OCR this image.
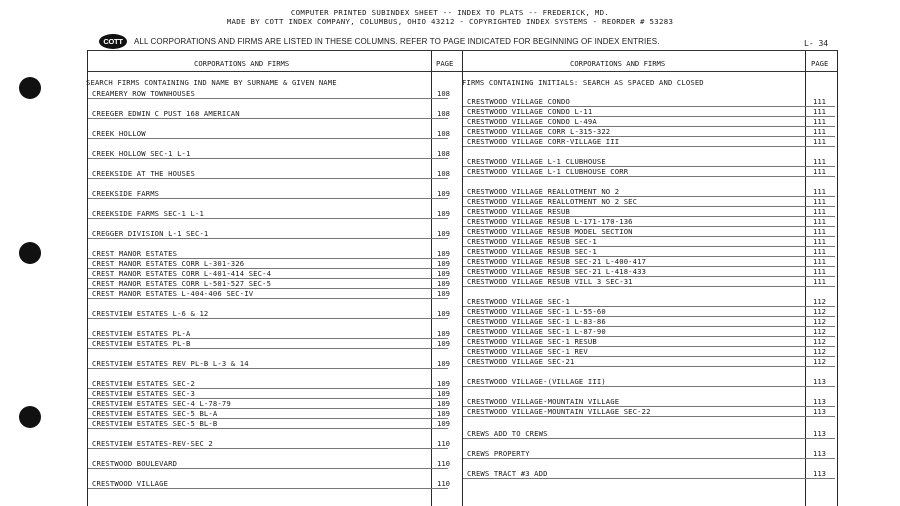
COMPUTER PRINTED SUBINDEX SHEET -- INDEX TO PLATS -- FREDERICK, MD.
MADE BY COTT INDEX COMPANY, COLUMBUS, OHIO 43212 - COPYRIGHTED INDEX SYSTEMS - REORDER # 53283
COTT	ALL CORPORATIONS AND FIRMS ARE LISTED IN THESE COLUMNS. REFER TO PAGE INDICATED FOR BEGINNING OF INDEX ENTRIES.	L- 34
CORPORATIONS AND FIRMS	PAGE	CORPORATIONS AND FIRMS	PAGE
SEARCH FIRMS CONTAINING IND NAME BY SURNAME & GIVEN NAME	FIRMS CONTAINING INITIALS: SEARCH AS SPACED AND CLOSED
CREAMERY ROW TOWNHOUSES	108
CREEGER EDWIN C PUST 168 AMERICAN	108
CREEK HOLLOW	108
CREEK HOLLOW SEC-1 L-1	108
CREEKSIDE AT THE HOUSES	108
CREEKSIDE FARMS	109
CREEKSIDE FARMS SEC-1 L-1	109
CREGGER DIVISION L-1 SEC-1	109
CREST MANOR ESTATES	109
CREST MANOR ESTATES CORR L-301-326	109
CREST MANOR ESTATES CORR L-401-414 SEC-4	109
CREST MANOR ESTATES CORR L-501-527 SEC-5	109
CREST MANOR ESTATES L-404-406 SEC-IV	109
CRESTVIEW ESTATES L-6 & 12	109
CRESTVIEW ESTATES PL-A	109
CRESTVIEW ESTATES PL-B	109
CRESTVIEW ESTATES REV PL-B L-3 & 14	109
CRESTVIEW ESTATES SEC-2	109
CRESTVIEW ESTATES SEC-3	109
CRESTVIEW ESTATES SEC-4 L-78-79	109
CRESTVIEW ESTATES SEC-5 BL-A	109
CRESTVIEW ESTATES SEC-5 BL-B	109
CRESTVIEW ESTATES-REV-SEC 2	110
CRESTWOOD BOULEVARD	110
CRESTWOOD VILLAGE	110
CRESTWOOD VILLAGE CONDO	111
CRESTWOOD VILLAGE CONDO L-11	111
CRESTWOOD VILLAGE CONDO L-49A	111
CRESTWOOD VILLAGE CORR L-315-322	111
CRESTWOOD VILLAGE CORR-VILLAGE III	111
CRESTWOOD VILLAGE L-1 CLUBHOUSE	111
CRESTWOOD VILLAGE L-1 CLUBHOUSE CORR	111
CRESTWOOD VILLAGE REALLOTMENT NO 2	111
CRESTWOOD VILLAGE REALLOTMENT NO 2 SEC	111
CRESTWOOD VILLAGE RESUB	111
CRESTWOOD VILLAGE RESUB L-171-170-136	111
CRESTWOOD VILLAGE RESUB MODEL SECTION	111
CRESTWOOD VILLAGE RESUB SEC-1	111
CRESTWOOD VILLAGE RESUB SEC-1	111
CRESTWOOD VILLAGE RESUB SEC-21 L-400-417	111
CRESTWOOD VILLAGE RESUB SEC-21 L-418-433	111
CRESTWOOD VILLAGE RESUB VILL 3 SEC-31	111
CRESTWOOD VILLAGE SEC-1	112
CRESTWOOD VILLAGE SEC-1 L-55-60	112
CRESTWOOD VILLAGE SEC-1 L-83-86	112
CRESTWOOD VILLAGE SEC-1 L-87-90	112
CRESTWOOD VILLAGE SEC-1 RESUB	112
CRESTWOOD VILLAGE SEC-1 REV	112
CRESTWOOD VILLAGE SEC-21	112
CRESTWOOD VILLAGE-(VILLAGE III)	113
CRESTWOOD VILLAGE-MOUNTAIN VILLAGE	113
CRESTWOOD VILLAGE-MOUNTAIN VILLAGE SEC-22	113
CREWS ADD TO CREWS	113
CREWS PROPERTY	113
CREWS TRACT #3 ADD	113
